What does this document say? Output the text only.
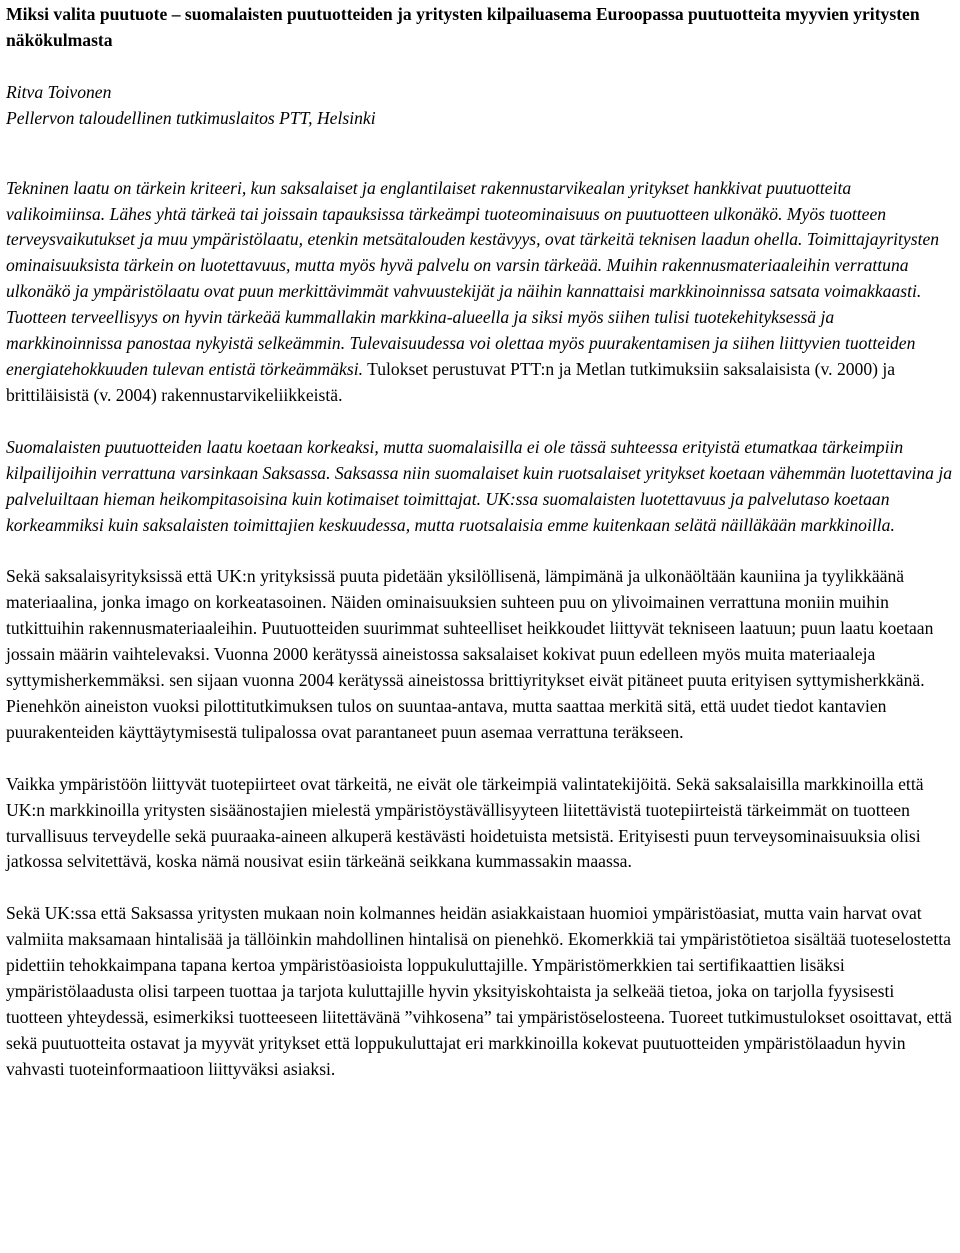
Miksi valita puutuote – suomalaisten puutuotteiden ja yritysten kilpailuasema Euroopassa puutuotteita myyvien yritysten näkökulmasta

Ritva Toivonen

Pellervon taloudellinen tutkimuslaitos PTT, Helsinki

Tekninen laatu on tärkein kriteeri, kun saksalaiset ja englantilaiset rakennustarvikealan yritykset hankkivat puutuotteita valikoimiinsa. Lähes yhtä tärkeä tai joissain tapauksissa tärkeämpi tuoteominaisuus on puutuotteen ulkonäkö. Myös tuotteen terveysvaikutukset ja muu ympäristölaatu, etenkin metsätalouden kestävyys, ovat tärkeitä teknisen laadun ohella. Toimittajayritysten ominaisuuksista tärkein on luotettavuus, mutta myös hyvä palvelu on varsin tärkeää. Muihin rakennusmateriaaleihin verrattuna ulkonäkö ja ympäristölaatu ovat puun merkittävimmät vahvuustekijät ja näihin kannattaisi markkinoinnissa satsata voimakkaasti. Tuotteen terveellisyys on hyvin tärkeää kummallakin markkina-alueella ja siksi myös siihen tulisi tuotekehityksessä ja markkinoinnissa panostaa nykyistä selkeämmin. Tulevaisuudessa voi olettaa myös puurakentamisen ja siihen liittyvien tuotteiden energiatehokkuuden tulevan entistä törkeämmäksi. Tulokset perustuvat PTT:n ja Metlan tutkimuksiin saksalaisista (v. 2000) ja brittiläisistä (v. 2004) rakennustarvikeliikkeistä.

Suomalaisten puutuotteiden laatu koetaan korkeaksi, mutta suomalaisilla ei ole tässä suhteessa erityistä etumatkaa tärkeimpiin kilpailijoihin verrattuna varsinkaan Saksassa. Saksassa niin suomalaiset kuin ruotsalaiset yritykset koetaan vähemmän luotettavina ja palveluiltaan hieman heikompitasoisina kuin kotimaiset toimittajat. UK:ssa suomalaisten luotettavuus ja palvelutaso koetaan korkeammiksi kuin saksalaisten toimittajien keskuudessa, mutta ruotsalaisia emme kuitenkaan selätä näilläkään markkinoilla.

Sekä saksalaisyrityksissä että UK:n yrityksissä puuta pidetään yksilöllisenä, lämpimänä ja ulkonäöltään kauniina ja tyylikkäänä materiaalina, jonka imago on korkeatasoinen. Näiden ominaisuuksien suhteen puu on ylivoimainen verrattuna moniin muihin tutkittuihin rakennusmateriaaleihin. Puutuotteiden suurimmat suhteelliset heikkoudet liittyvät tekniseen laatuun; puun laatu koetaan jossain määrin vaihtelevaksi. Vuonna 2000 kerätyssä aineistossa saksalaiset kokivat puun edelleen myös muita materiaaleja syttymisherkemmäksi. sen sijaan vuonna 2004 kerätyssä aineistossa brittiyritykset eivät pitäneet puuta erityisen syttymisherkkänä. Pienehkön aineiston vuoksi pilottitutkimuksen tulos on suuntaa-antava, mutta saattaa merkitä sitä, että uudet tiedot kantavien puurakenteiden käyttäytymisestä tulipalossa ovat parantaneet puun asemaa verrattuna teräkseen.

Vaikka ympäristöön liittyvät tuotepiirteet ovat tärkeitä, ne eivät ole tärkeimpiä valintatekijöitä. Sekä saksalaisilla markkinoilla että UK:n markkinoilla yritysten sisäänostajien mielestä ympäristöystävällisyyteen liitettävistä tuotepiirteistä tärkeimmät on tuotteen turvallisuus terveydelle sekä puuraaka-aineen alkuperä kestävästi hoidetuista metsistä. Erityisesti puun terveysominaisuuksia olisi jatkossa selvitettävä, koska nämä nousivat esiin tärkeänä seikkana kummassakin maassa.

Sekä UK:ssa että Saksassa yritysten mukaan noin kolmannes heidän asiakkaistaan huomioi ympäristöasiat, mutta vain harvat ovat valmiita maksamaan hintalisää ja tällöinkin mahdollinen hintalisä on pienehkö. Ekomerkkiä tai ympäristötietoa sisältää tuoteselostetta pidettiin tehokkaimpana tapana kertoa ympäristöasioista loppukuluttajille. Ympäristömerkkien tai sertifikaattien lisäksi ympäristölaadusta olisi tarpeen tuottaa ja tarjota kuluttajille hyvin yksityiskohtaista ja selkeää tietoa, joka on tarjolla fyysisesti tuotteen yhteydessä, esimerkiksi tuotteeseen liitettävänä ”vihkosena” tai ympäristöselosteena. Tuoreet tutkimustulokset osoittavat, että sekä puutuotteita ostavat ja myyvät yritykset että loppukuluttajat eri markkinoilla kokevat puutuotteiden ympäristölaadun hyvin vahvasti tuoteinformaatioon liittyväksi asiaksi.
